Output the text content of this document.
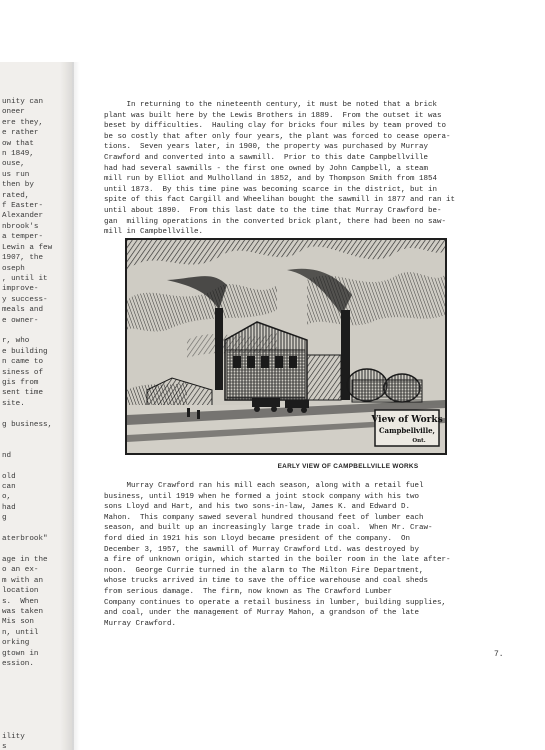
unity can
oneer
ere they,
e rather
ow that
n 1849,
ouse,
us run
then by
rated,
f Easter-
Alexander
nbrook's
a temper-
Lewin a few
1907, the
oseph
, until it
improve-
y success-
meals and
e owner-

r, who
e building
n came to
siness of
gis from
sent time
site.

g business,

nd

old
can
o,
had
g

aterbrook"

age in the
o an ex-
m with an
location
s.  When
was taken
Mis son
n, until
orking
gtown in
ession.

ility
s
In returning to the nineteenth century, it must be noted that a brick
plant was built here by the Lewis Brothers in 1889.  From the outset it was
beset by difficulties.  Hauling clay for bricks four miles by team proved to
be so costly that after only four years, the plant was forced to cease opera-
tions.  Seven years later, in 1900, the property was purchased by Murray
Crawford and converted into a sawmill.  Prior to this date Campbellville
had had several sawmills - the first one owned by John Campbell, a steam
mill run by Elliot and Mulholland in 1852, and by Thompson Smith from 1854
until 1873.  By this time pine was becoming scarce in the district, but in
spite of this fact Cargill and Wheelihan bought the sawmill in 1877 and ran it
until about 1890.  From this last date to the time that Murray Crawford be-
gan  milling operations in the converted brick plant, there had been no saw-
mill in Campbellville.
View of Works
Campbellville,
Ont.
EARLY VIEW OF CAMPBELLVILLE WORKS
Murray Crawford ran his mill each season, along with a retail fuel
business, until 1919 when he formed a joint stock company with his two
sons Lloyd and Hart, and his two sons-in-law, James K. and Edward D.
Mahon.  This company sawed several hundred thousand feet of lumber each
season, and built up an increasingly large trade in coal.  When Mr. Craw-
ford died in 1921 his son Lloyd became president of the company.  On
December 3, 1957, the sawmill of Murray Crawford Ltd. was destroyed by
a fire of unknown origin, which started in the boiler room in the late after-
noon.  George Currie turned in the alarm to The Milton Fire Department,
whose trucks arrived in time to save the office warehouse and coal sheds
from serious damage.  The firm, now known as The Crawford Lumber
Company continues to operate a retail business in lumber, building supplies,
and coal, under the management of Murray Mahon, a grandson of the late
Murray Crawford.
7.
